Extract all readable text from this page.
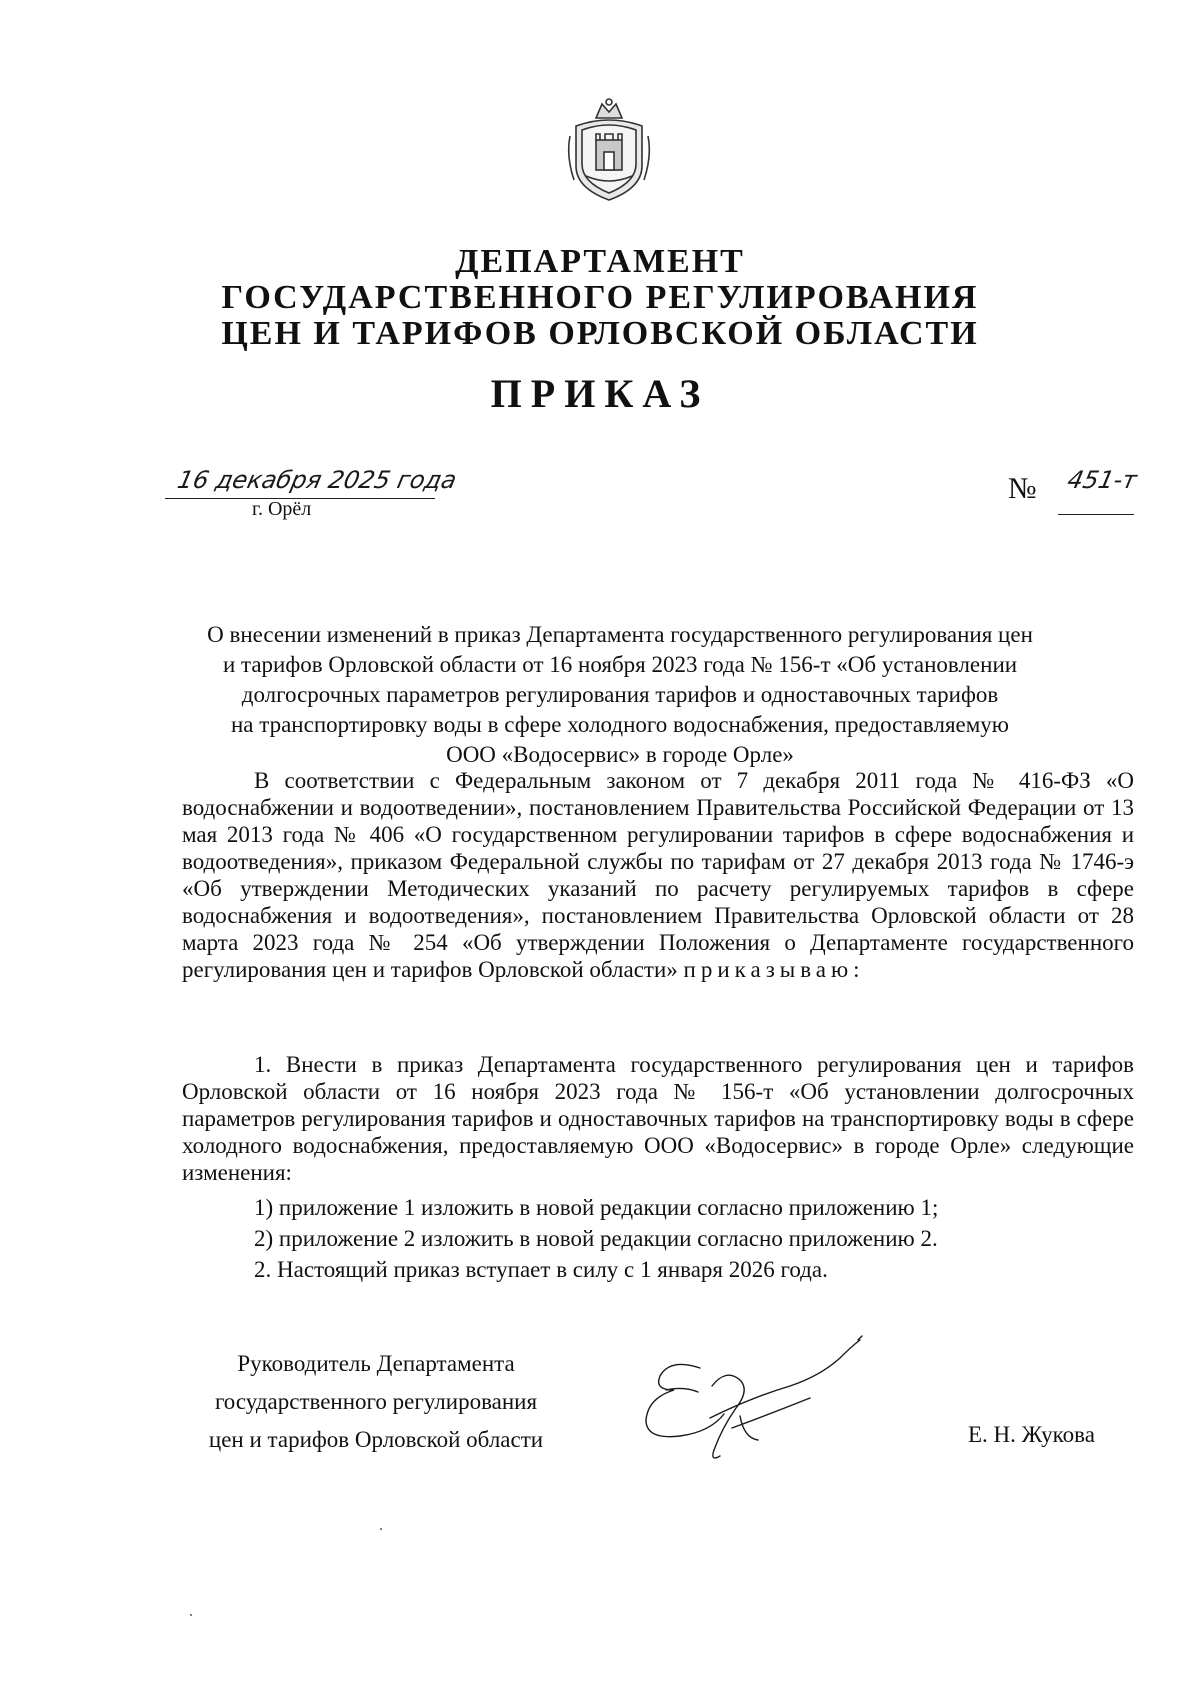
ДЕПАРТАМЕНТ
ГОСУДАРСТВЕННОГО РЕГУЛИРОВАНИЯ
ЦЕН И ТАРИФОВ ОРЛОВСКОЙ ОБЛАСТИ
ПРИКАЗ
16 декабря 2025 года
г. Орёл
№ 451-т
О внесении изменений в приказ Департамента государственного регулирования цен
и тарифов Орловской области от 16 ноября 2023 года № 156-т «Об установлении
долгосрочных параметров регулирования тарифов и одноставочных тарифов
на транспортировку воды в сфере холодного водоснабжения, предоставляемую
ООО «Водосервис» в городе Орле»

В соответствии с Федеральным законом от 7 декабря 2011 года № 416-ФЗ «О водоснабжении и водоотведении», постановлением Правительства Российской Федерации от 13 мая 2013 года № 406 «О государственном регулировании тарифов в сфере водоснабжения и водоотведения», приказом Федеральной службы по тарифам от 27 декабря 2013 года № 1746-э «Об утверждении Методических указаний по расчету регулируемых тарифов в сфере водоснабжения и водоотведения», постановлением Правительства Орловской области от 28 марта 2023 года № 254 «Об утверждении Положения о Департаменте государственного регулирования цен и тарифов Орловской области» приказываю:

1. Внести в приказ Департамента государственного регулирования цен и тарифов Орловской области от 16 ноября 2023 года № 156-т «Об установлении долгосрочных параметров регулирования тарифов и одноставочных тарифов на транспортировку воды в сфере холодного водоснабжения, предоставляемую ООО «Водосервис» в городе Орле» следующие изменения:

1) приложение 1 изложить в новой редакции согласно приложению 1;

2) приложение 2 изложить в новой редакции согласно приложению 2.

2. Настоящий приказ вступает в силу с 1 января 2026 года.

Руководитель Департамента
государственного регулирования
цен и тарифов Орловской области	Е. Н. Жукова
